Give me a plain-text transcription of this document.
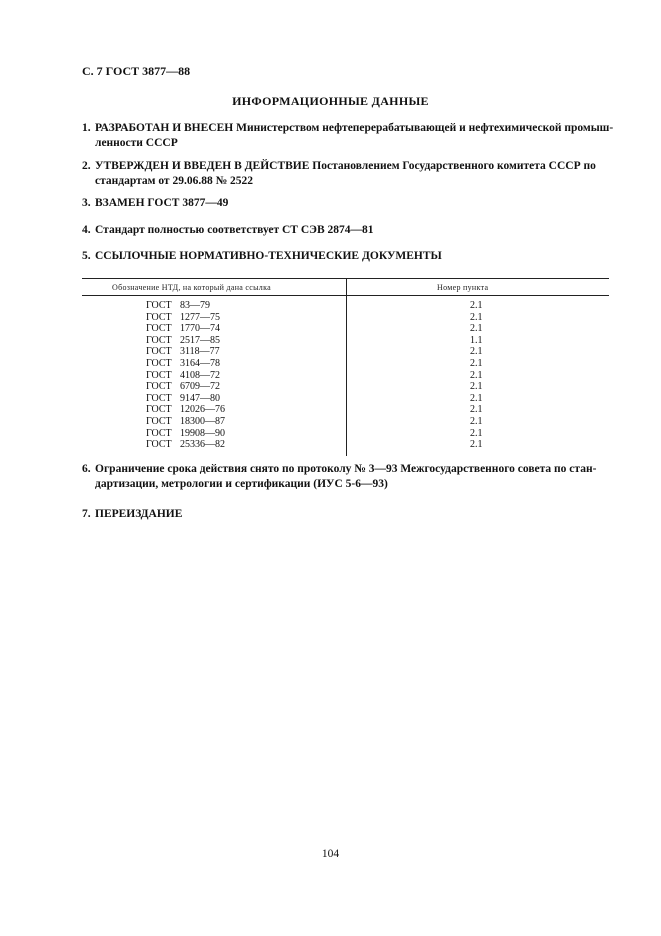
С. 7 ГОСТ 3877—88
ИНФОРМАЦИОННЫЕ ДАННЫЕ
1. РАЗРАБОТАН И ВНЕСЕН Министерством нефтеперерабатывающей и нефтехимической промыш-
ленности СССР
2. УТВЕРЖДЕН И ВВЕДЕН В ДЕЙСТВИЕ Постановлением Государственного комитета СССР по
стандартам от 29.06.88 № 2522
3. ВЗАМЕН ГОСТ 3877—49
4. Стандарт полностью соответствует СТ СЭВ 2874—81
5. ССЫЛОЧНЫЕ НОРМАТИВНО-ТЕХНИЧЕСКИЕ ДОКУМЕНТЫ
Обозначение НТД, на который дана ссылка	Номер пункта
ГОСТ 83—79	2.1
ГОСТ 1277—75	2.1
ГОСТ 1770—74	2.1
ГОСТ 2517—85	1.1
ГОСТ 3118—77	2.1
ГОСТ 3164—78	2.1
ГОСТ 4108—72	2.1
ГОСТ 6709—72	2.1
ГОСТ 9147—80	2.1
ГОСТ 12026—76	2.1
ГОСТ 18300—87	2.1
ГОСТ 19908—90	2.1
ГОСТ 25336—82	2.1
6. Ограничение срока действия снято по протоколу № 3—93 Межгосударственного совета по стан-
дартизации, метрологии и сертификации (ИУС 5-6—93)
7. ПЕРЕИЗДАНИЕ
104
